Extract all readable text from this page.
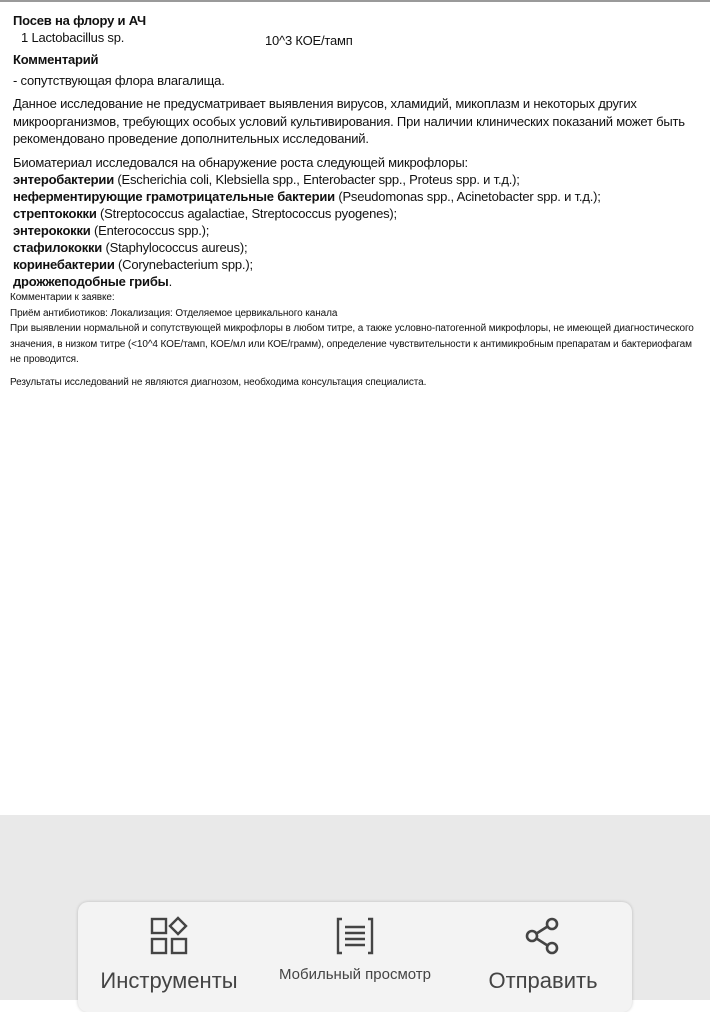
Посев на флору и АЧ

1 Lactobacillus sp.	10^3 КОЕ/тамп

Комментарий

- сопутствующая флора влагалища.

Данное исследование не предусматривает выявления вирусов, хламидий, микоплазм и некоторых других микроорганизмов, требующих особых условий культивирования. При наличии клинических показаний может быть рекомендовано проведение дополнительных исследований.

Биоматериал исследовался на обнаружение роста следующей микрофлоры:

энтеробактерии (Escherichia coli, Klebsiella spp., Enterobacter spp., Proteus spp. и т.д.);

неферментирующие грамотрицательные бактерии (Pseudomonas spp., Acinetobacter spp. и т.д.);

стрептококки (Streptococcus agalactiae, Streptococcus pyogenes);

энтерококки (Enterococcus spp.);

стафилококки (Staphylococcus aureus);

коринебактерии (Corynebacterium spp.);

дрожжеподобные грибы.

Комментарии к заявке:

Приём антибиотиков: Локализация: Отделяемое цервикального канала

При выявлении нормальной и сопутствующей микрофлоры в любом титре, а также условно-патогенной микрофлоры, не имеющей диагностического значения, в низком титре (<10^4 КОЕ/тамп, КОЕ/мл или КОЕ/грамм), определение чувствительности к антимикробным препаратам и бактериофагам не проводится.

Результаты исследований не являются диагнозом, необходима консультация специалиста.

Инструменты	Мобильный просмотр	Отправить
